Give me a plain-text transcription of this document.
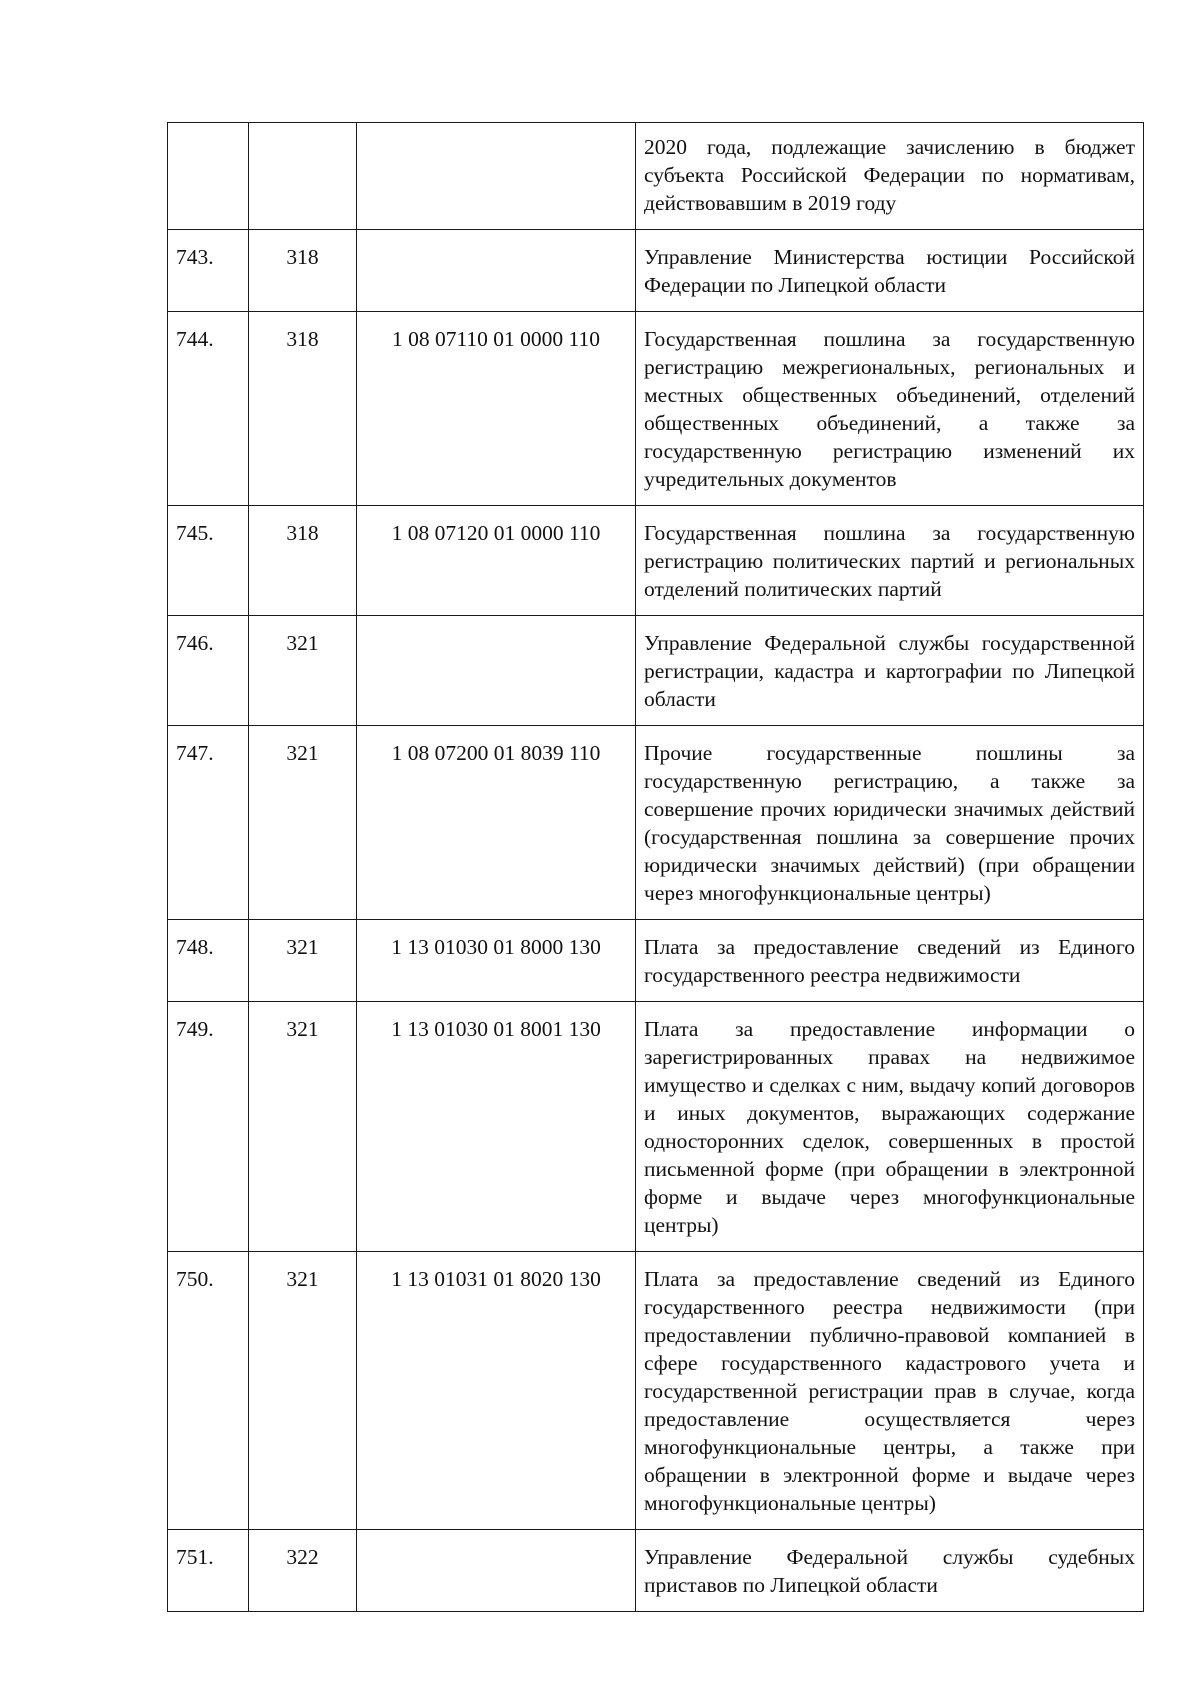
			2020 года, подлежащие зачислению в бюджет субъекта Российской Федерации по нормативам, действовавшим в 2019 году
743.	318		Управление Министерства юстиции Российской Федерации по Липецкой области
744.	318	1 08 07110 01 0000 110	Государственная пошлина за государственную регистрацию межрегиональных, региональных и местных общественных объединений, отделений общественных объединений, а также за государственную регистрацию изменений их учредительных документов
745.	318	1 08 07120 01 0000 110	Государственная пошлина за государственную регистрацию политических партий и региональных отделений политических партий
746.	321		Управление Федеральной службы государственной регистрации, кадастра и картографии по Липецкой области
747.	321	1 08 07200 01 8039 110	Прочие государственные пошлины за государственную регистрацию, а также за совершение прочих юридически значимых действий (государственная пошлина за совершение прочих юридически значимых действий) (при обращении через многофункциональные центры)
748.	321	1 13 01030 01 8000 130	Плата за предоставление сведений из Единого государственного реестра недвижимости
749.	321	1 13 01030 01 8001 130	Плата за предоставление информации о зарегистрированных правах на недвижимое имущество и сделках с ним, выдачу копий договоров и иных документов, выражающих содержание односторонних сделок, совершенных в простой письменной форме (при обращении в электронной форме и выдаче через многофункциональные центры)
750.	321	1 13 01031 01 8020 130	Плата за предоставление сведений из Единого государственного реестра недвижимости (при предоставлении публично-правовой компанией в сфере государственного кадастрового учета и государственной регистрации прав в случае, когда предоставление осуществляется через многофункциональные центры, а также при обращении в электронной форме и выдаче через многофункциональные центры)
751.	322		Управление Федеральной службы судебных приставов по Липецкой области
